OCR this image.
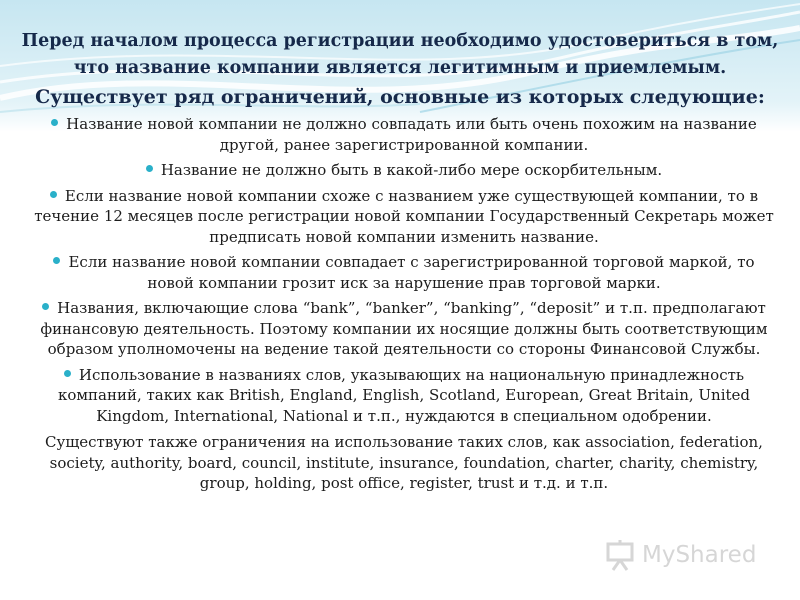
Перед началом процесса регистрации необходимо удостовериться в том,
что название компании является легитимным и приемлемым.
Существует ряд ограничений, основные из которых следующие:
Название новой компании не должно совпадать или быть очень похожим на название другой, ранее зарегистрированной компании.
Название не должно быть в какой-либо мере оскорбительным.
Если название новой компании схоже с названием уже существующей компании, то в течение 12 месяцев после регистрации новой компании Государственный Секретарь может предписать новой компании изменить название.
Если название новой компании совпадает с зарегистрированной торговой маркой, то новой компании грозит иск за нарушение прав торговой марки.
Названия, включающие слова “bank”, “banker”, “banking”, “deposit” и т.п. предполагают финансовую деятельность. Поэтому компании их носящие должны быть соответствующим образом уполномочены на ведение такой деятельности со стороны Финансовой Службы.
Использование в названиях слов, указывающих на национальную принадлежность компаний, таких как British, England, English, Scotland, European, Great Britain, United Kingdom, International, National и т.п., нуждаются в специальном одобрении.
Существуют также ограничения на использование таких слов, как association, federation, society, authority, board, council, institute, insurance, foundation, charter, charity, chemistry, group, holding, post office, register, trust и т.д. и т.п.
MyShared
